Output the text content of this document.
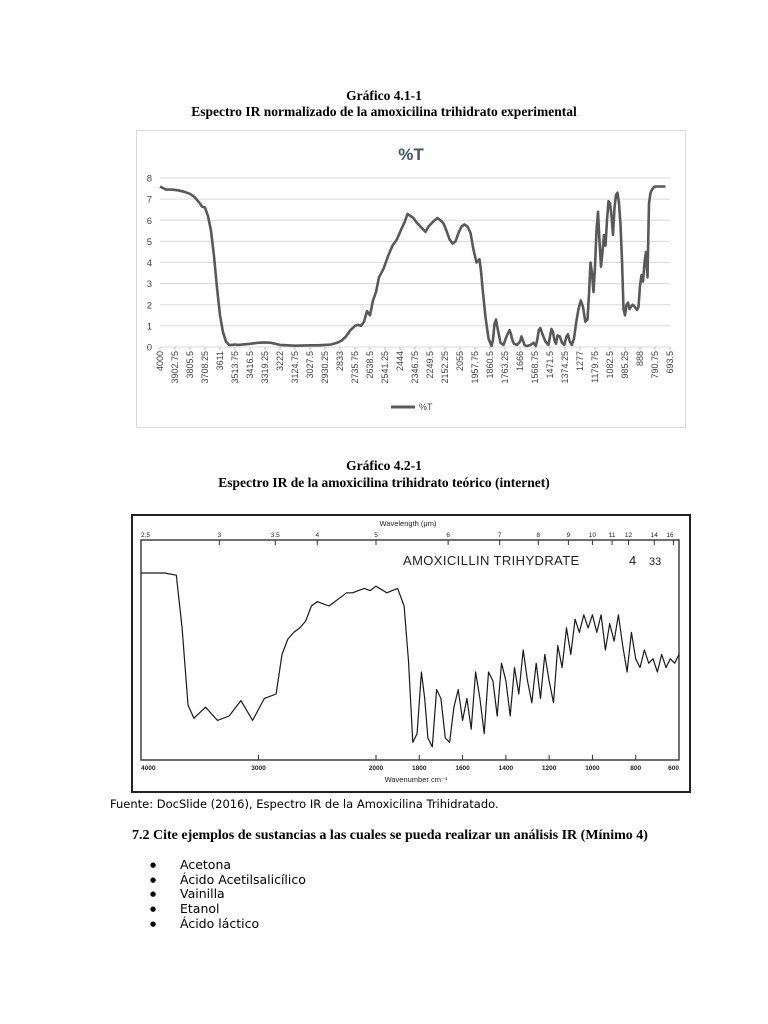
Gráfico 4.1-1
Espectro IR normalizado de la amoxicilina trihidrato experimental
%T
0
1
2
3
4
5
6
7
8
4000 3902.75 3805.5 3708.25 3611 3513.75 3416.5 3319.25 3222 3124.75 3027.5 2930.25 2833 2735.75 2638.5 2541.25 2444 2346.75 2249.5 2152.25 2055 1957.75 1860.5 1763.25 1666 1568.75 1471.5 1374.25 1277 1179.75 1082.5 985.25 888 790.75 693.5
%T
Gráfico 4.2-1
Espectro IR de la amoxicilina trihidrato teórico (internet)
4000	3000	2000	1800	1600	1400	1200	1000	800	600
Wavenumber cm⁻¹
2.5	3	3.5	4	5	6	7	8	9	10 11 12	14 16
Wavelength (μm)
AMOXICILLIN TRIHYDRATE	4 33
Fuente: DocSlide (2016), Espectro IR de la Amoxicilina Trihidratado.
7.2 Cite ejemplos de sustancias a las cuales se pueda realizar un análisis IR (Mínimo 4)
● Acetona
● Ácido Acetilsalicílico
● Vainilla
● Etanol
● Ácido láctico
